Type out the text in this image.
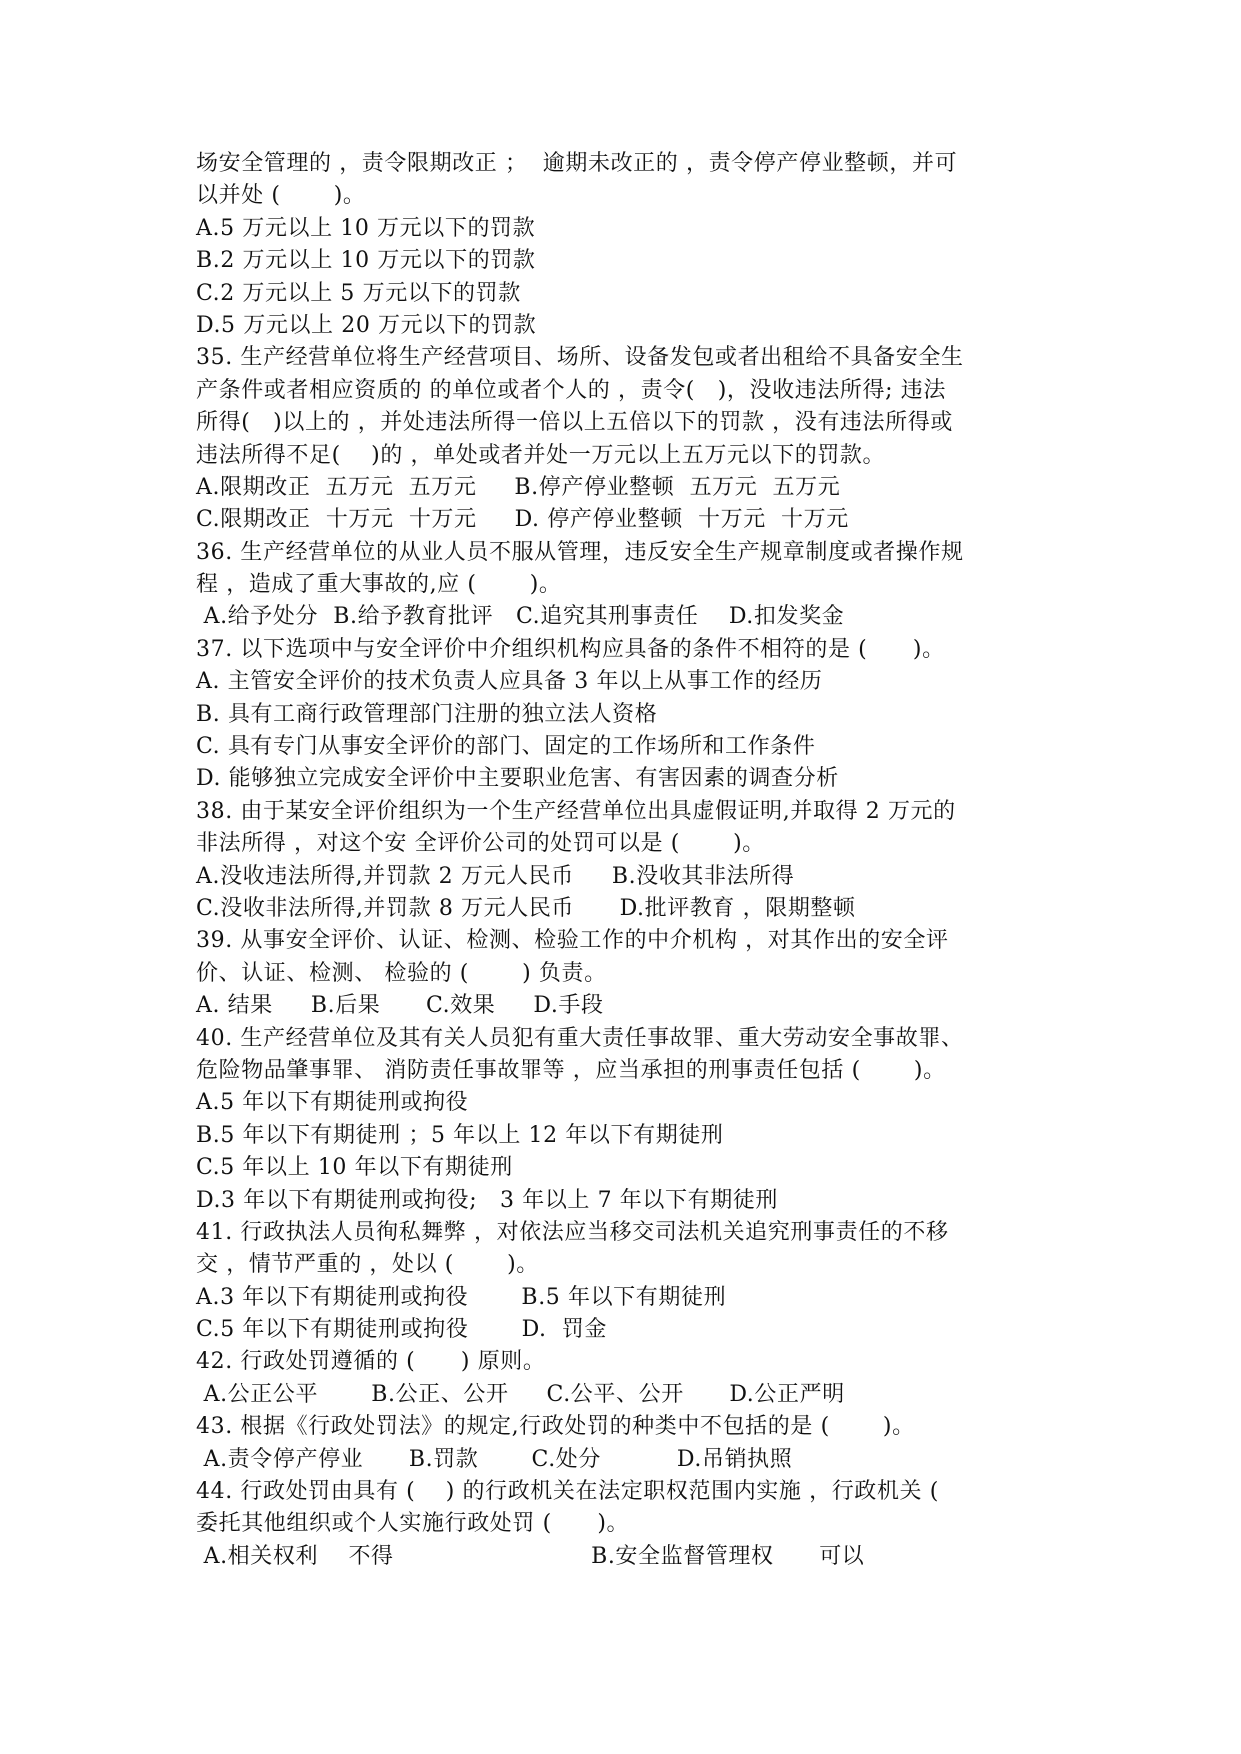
场安全管理的 ，责令限期改正 ；  逾期未改正的 ，责令停产停业整顿，并可
以并处 (       )。
A.5 万元以上 10 万元以下的罚款
B.2 万元以上 10 万元以下的罚款
C.2 万元以上 5 万元以下的罚款
D.5 万元以上 20 万元以下的罚款
35. 生产经营单位将生产经营项目、场所、设备发包或者出租给不具备安全生
产条件或者相应资质的 的单位或者个人的 ，责令(   )，没收违法所得; 违法
所得(   )以上的 ，并处违法所得一倍以上五倍以下的罚款 ，没有违法所得或
违法所得不足(    )的 ，单处或者并处一万元以上五万元以下的罚款。
A.限期改正  五万元  五万元     B.停产停业整顿  五万元  五万元
C.限期改正  十万元  十万元     D. 停产停业整顿  十万元  十万元
36. 生产经营单位的从业人员不服从管理，违反安全生产规章制度或者操作规
程 ，造成了重大事故的,应 (       )。
A.给予处分  B.给予教育批评   C.追究其刑事责任    D.扣发奖金
37. 以下选项中与安全评价中介组织机构应具备的条件不相符的是 (      )。
A. 主管安全评价的技术负责人应具备 3 年以上从事工作的经历
B. 具有工商行政管理部门注册的独立法人资格
C. 具有专门从事安全评价的部门、固定的工作场所和工作条件
D. 能够独立完成安全评价中主要职业危害、有害因素的调查分析
38. 由于某安全评价组织为一个生产经营单位出具虚假证明,并取得 2 万元的
非法所得 ，对这个安 全评价公司的处罚可以是 (       )。
A.没收违法所得,并罚款 2 万元人民币     B.没收其非法所得
C.没收非法所得,并罚款 8 万元人民币      D.批评教育 ，限期整顿
39. 从事安全评价、认证、检测、检验工作的中介机构 ，对其作出的安全评
价、认证、检测、 检验的 (       ) 负责。
A. 结果     B.后果      C.效果     D.手段
40. 生产经营单位及其有关人员犯有重大责任事故罪、重大劳动安全事故罪、
危险物品肇事罪、 消防责任事故罪等 ，应当承担的刑事责任包括 (       )。
A.5 年以下有期徒刑或拘役
B.5 年以下有期徒刑 ；5 年以上 12 年以下有期徒刑
C.5 年以上 10 年以下有期徒刑
D.3 年以下有期徒刑或拘役;   3 年以上 7 年以下有期徒刑
41. 行政执法人员徇私舞弊 ，对依法应当移交司法机关追究刑事责任的不移
交 ，情节严重的 ，处以 (       )。
A.3 年以下有期徒刑或拘役       B.5 年以下有期徒刑
C.5 年以下有期徒刑或拘役       D.  罚金
42. 行政处罚遵循的 (      ) 原则。
A.公正公平       B.公正、公开     C.公平、公开      D.公正严明
43. 根据《行政处罚法》的规定,行政处罚的种类中不包括的是 (       )。
A.责令停产停业      B.罚款       C.处分          D.吊销执照
44. 行政处罚由具有 (    ) 的行政机关在法定职权范围内实施 ，行政机关 (
委托其他组织或个人实施行政处罚 (      )。
A.相关权利    不得                          B.安全监督管理权      可以
